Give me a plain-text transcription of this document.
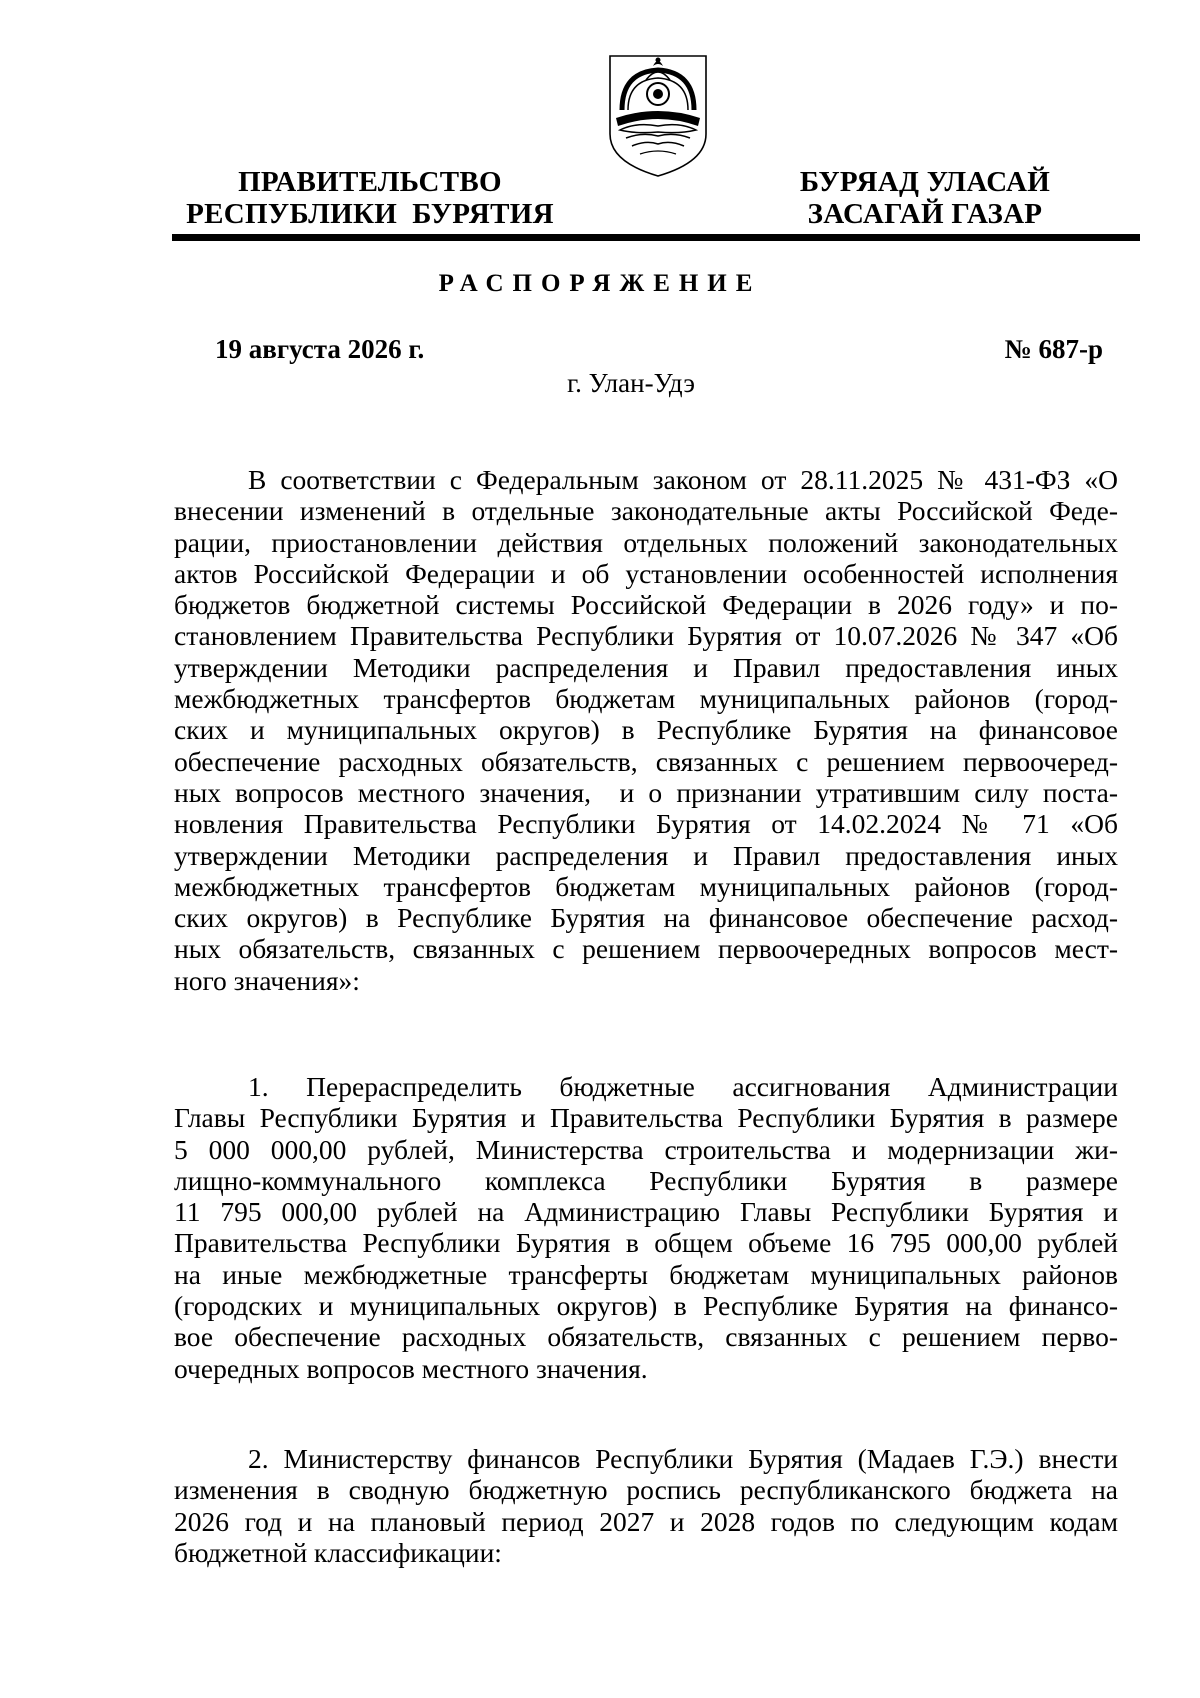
ПРАВИТЕЛЬСТВО
РЕСПУБЛИКИ  БУРЯТИЯ
БУРЯАД УЛАСАЙ
ЗАСАГАЙ ГАЗАР
РАСПОРЯЖЕНИЕ
19 августа 2026 г.	№ 687-р
г. Улан-Удэ
В соответствии с Федеральным законом от 28.11.2025 № 431-ФЗ «О
внесении изменений в отдельные законодательные акты Российской Феде-
рации, приостановлении действия отдельных положений законодательных
актов Российской Федерации и об установлении особенностей исполнения
бюджетов бюджетной системы Российской Федерации в 2026 году» и по-
становлением Правительства Республики Бурятия от 10.07.2026 № 347 «Об
утверждении Методики распределения и Правил предоставления иных
межбюджетных трансфертов бюджетам муниципальных районов (город-
ских и муниципальных округов) в Республике Бурятия на финансовое
обеспечение расходных обязательств, связанных с решением первоочеред-
ных вопросов местного значения,  и о признании утратившим силу поста-
новления Правительства Республики Бурятия от 14.02.2024 № 71 «Об
утверждении Методики распределения и Правил предоставления иных
межбюджетных трансфертов бюджетам муниципальных районов (город-
ских округов) в Республике Бурятия на финансовое обеспечение расход-
ных обязательств, связанных с решением первоочередных вопросов мест-
ного значения»:
1. Перераспределить бюджетные ассигнования Администрации
Главы Республики Бурятия и Правительства Республики Бурятия в размере
5 000 000,00 рублей, Министерства строительства и модернизации жи-
лищно-коммунального комплекса Республики Бурятия в размере
11 795 000,00 рублей на Администрацию Главы Республики Бурятия и
Правительства Республики Бурятия в общем объеме 16 795 000,00 рублей
на иные межбюджетные трансферты бюджетам муниципальных районов
(городских и муниципальных округов) в Республике Бурятия на финансо-
вое обеспечение расходных обязательств, связанных с решением перво-
очередных вопросов местного значения.
2. Министерству финансов Республики Бурятия (Мадаев Г.Э.) внести
изменения в сводную бюджетную роспись республиканского бюджета на
2026 год и на плановый период 2027 и 2028 годов по следующим кодам
бюджетной классификации:
